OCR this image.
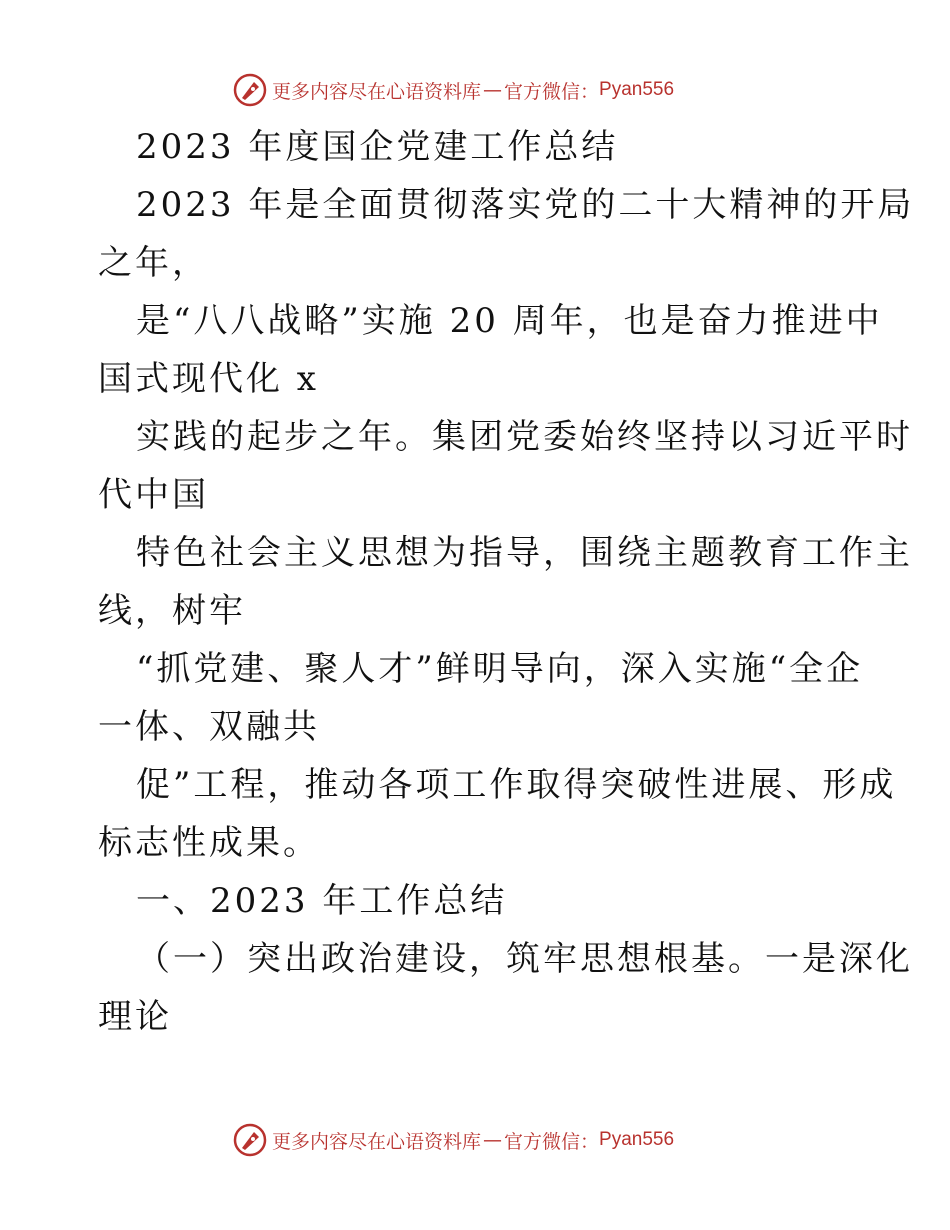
更多内容尽在心语资料库 — 官方微信： Pyan556
2023 年度国企党建工作总结
2023 年是全面贯彻落实党的二十大精神的开局
之年，
是“八八战略”实施 20 周年，也是奋力推进中
国式现代化 x
实践的起步之年。集团党委始终坚持以习近平时
代中国
特色社会主义思想为指导，围绕主题教育工作主
线，树牢
“抓党建、聚人才”鲜明导向，深入实施“全企
一体、双融共
促”工程，推动各项工作取得突破性进展、形成
标志性成果。
一、2023 年工作总结
（一）突出政治建设，筑牢思想根基。一是深化
理论
更多内容尽在心语资料库 — 官方微信： Pyan556
